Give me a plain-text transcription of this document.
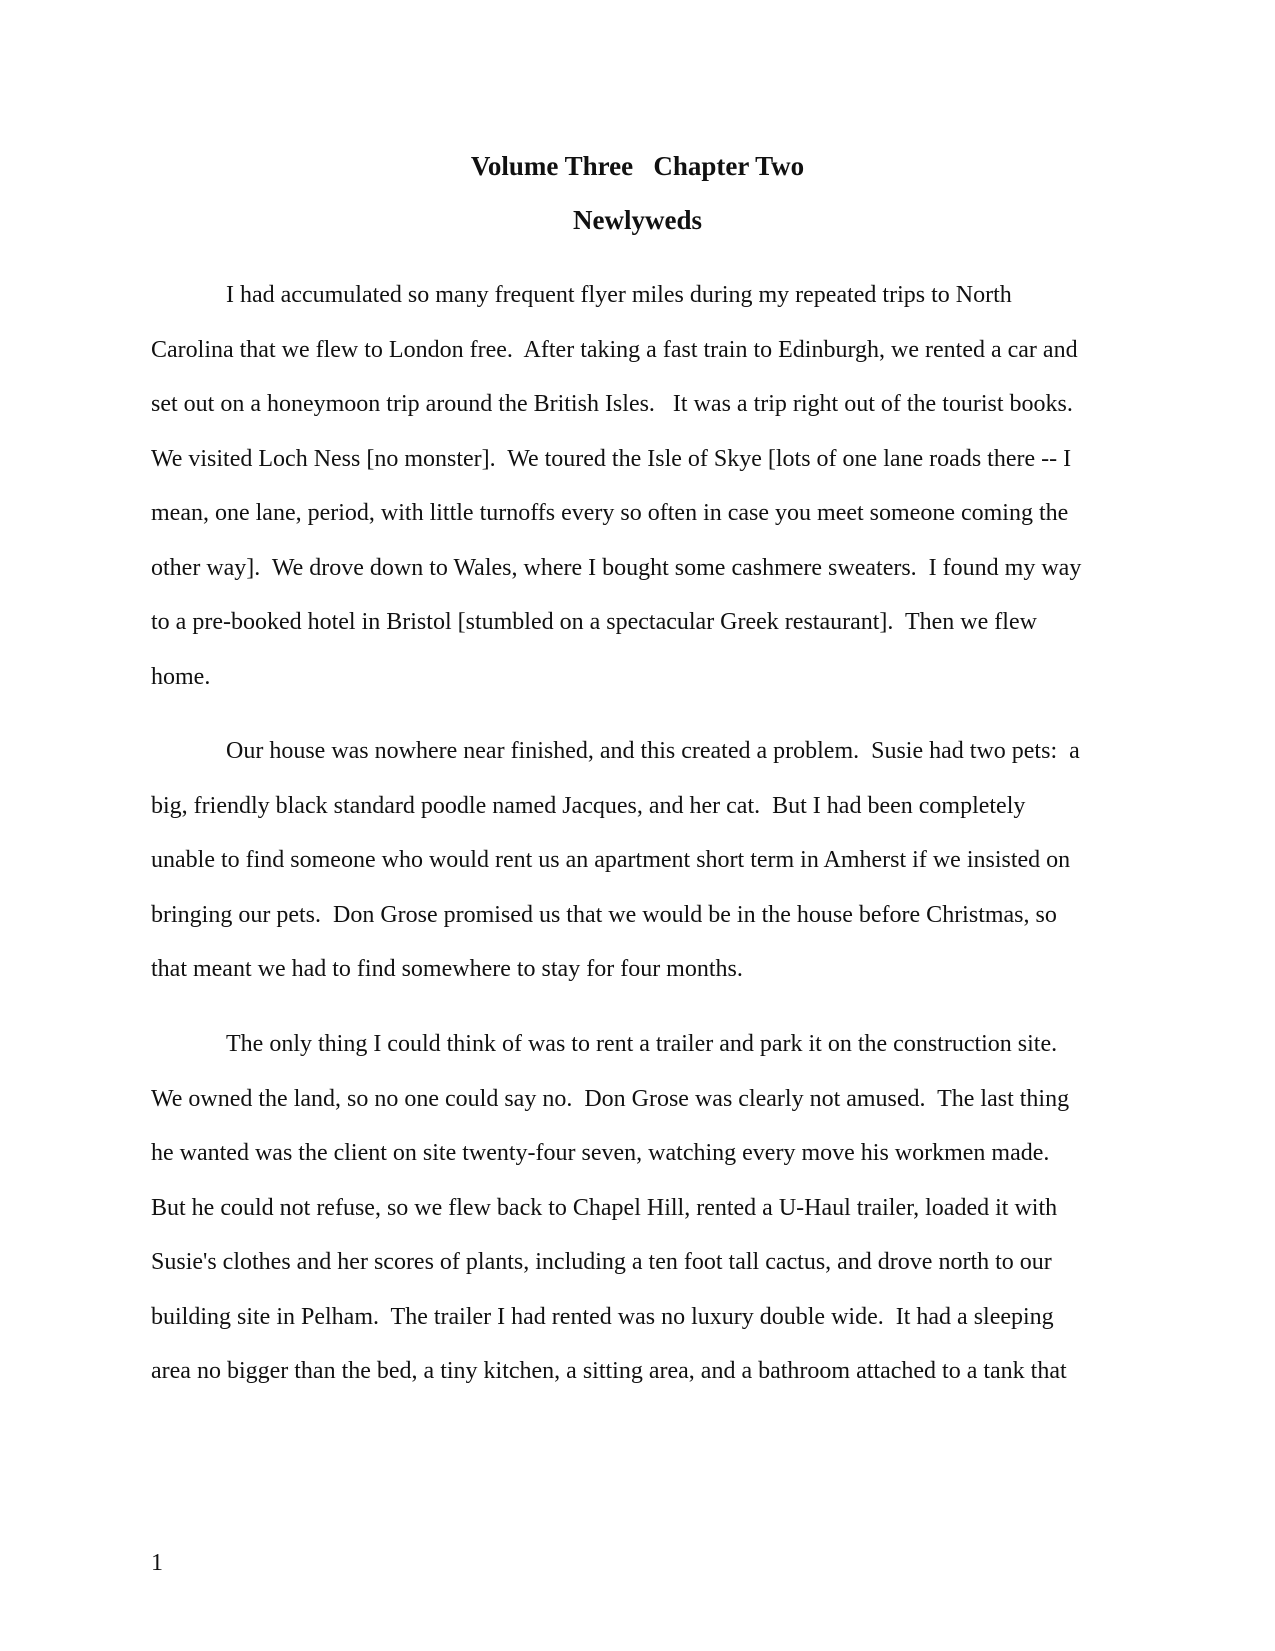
Volume Three   Chapter Two
Newlyweds
I had accumulated so many frequent flyer miles during my repeated trips to North
Carolina that we flew to London free.  After taking a fast train to Edinburgh, we rented a car and
set out on a honeymoon trip around the British Isles.   It was a trip right out of the tourist books.
We visited Loch Ness [no monster].  We toured the Isle of Skye [lots of one lane roads there -- I
mean, one lane, period, with little turnoffs every so often in case you meet someone coming the
other way].  We drove down to Wales, where I bought some cashmere sweaters.  I found my way
to a pre-booked hotel in Bristol [stumbled on a spectacular Greek restaurant].  Then we flew
home.
Our house was nowhere near finished, and this created a problem.  Susie had two pets:  a
big, friendly black standard poodle named Jacques, and her cat.  But I had been completely
unable to find someone who would rent us an apartment short term in Amherst if we insisted on
bringing our pets.  Don Grose promised us that we would be in the house before Christmas, so
that meant we had to find somewhere to stay for four months.
The only thing I could think of was to rent a trailer and park it on the construction site.
We owned the land, so no one could say no.  Don Grose was clearly not amused.  The last thing
he wanted was the client on site twenty-four seven, watching every move his workmen made.
But he could not refuse, so we flew back to Chapel Hill, rented a U-Haul trailer, loaded it with
Susie's clothes and her scores of plants, including a ten foot tall cactus, and drove north to our
building site in Pelham.  The trailer I had rented was no luxury double wide.  It had a sleeping
area no bigger than the bed, a tiny kitchen, a sitting area, and a bathroom attached to a tank that
1
